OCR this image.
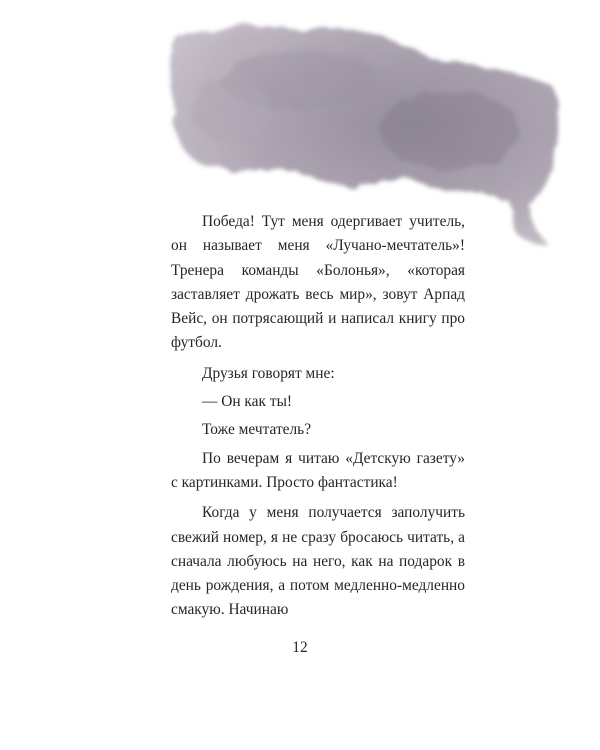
Победа! Тут меня одергивает учитель, он называет меня «Лучано-мечтатель»! Тренера команды «Болонья», «которая заставляет дрожать весь мир», зовут Арпад Вейс, он потрясающий и написал книгу про футбол.

Друзья говорят мне:

— Он как ты!

Тоже мечтатель?

По вечерам я читаю «Детскую газету» с картинками. Просто фантастика!

Когда у меня получается заполучить свежий номер, я не сразу бросаюсь читать, а сначала любуюсь на него, как на подарок в день рождения, а потом медленно-медленно смакую. Начинаю

12
